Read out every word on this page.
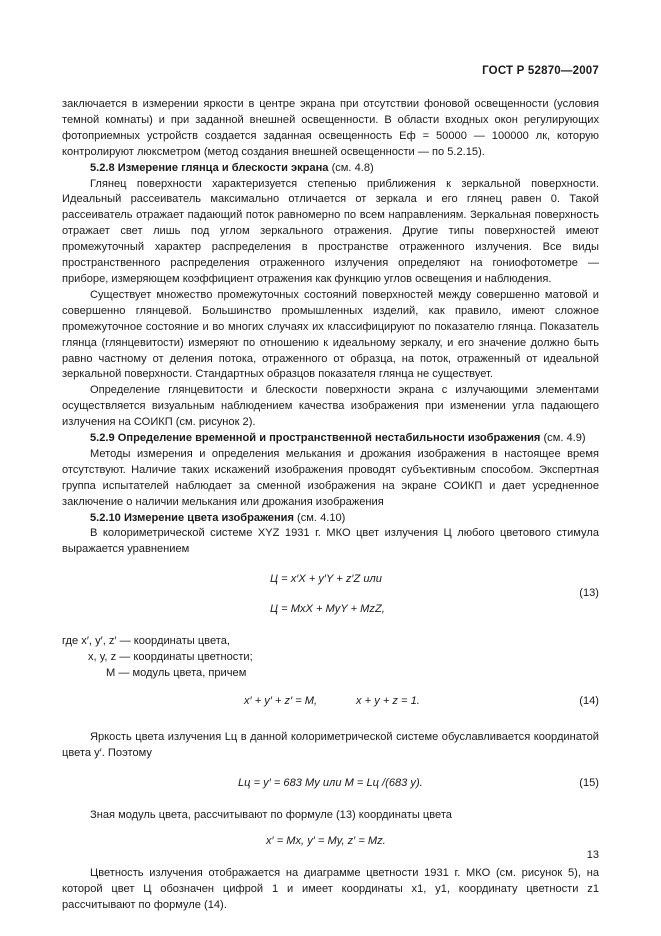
ГОСТ Р 52870—2007

заключается в измерении яркости в центре экрана при отсутствии фоновой освещенности (условия темной комнаты) и при заданной внешней освещенности. В области входных окон регулирующих фотоприемных устройств создается заданная освещенность Eф = 50000 — 100000 лк, которую контролируют люксметром (метод создания внешней освещенности — по 5.2.15).

5.2.8 Измерение глянца и блескости экрана (см. 4.8)

Глянец поверхности характеризуется степенью приближения к зеркальной поверхности. Идеальный рассеиватель максимально отличается от зеркала и его глянец равен 0. Такой рассеиватель отражает падающий поток равномерно по всем направлениям. Зеркальная поверхность отражает свет лишь под углом зеркального отражения. Другие типы поверхностей имеют промежуточный характер распределения в пространстве отраженного излучения. Все виды пространственного распределения отраженного излучения определяют на гониофотометре — приборе, измеряющем коэффициент отражения как функцию углов освещения и наблюдения.

Существует множество промежуточных состояний поверхностей между совершенно матовой и совершенно глянцевой. Большинство промышленных изделий, как правило, имеют сложное промежуточное состояние и во многих случаях их классифицируют по показателю глянца. Показатель глянца (глянцевитости) измеряют по отношению к идеальному зеркалу, и его значение должно быть равно частному от деления потока, отраженного от образца, на поток, отраженный от идеальной зеркальной поверхности. Стандартных образцов показателя глянца не существует.

Определение глянцевитости и блескости поверхности экрана с излучающими элементами осуществляется визуальным наблюдением качества изображения при изменении угла падающего излучения на СОИКП (см. рисунок 2).

5.2.9 Определение временной и пространственной нестабильности изображения (см. 4.9)

Методы измерения и определения мелькания и дрожания изображения в настоящее время отсутствуют. Наличие таких искажений изображения проводят субъективным способом. Экспертная группа испытателей наблюдает за сменной изображения на экране СОИКП и дает усредненное заключение о наличии мелькания или дрожания изображения

5.2.10 Измерение цвета изображения (см. 4.10)

В колориметрической системе XYZ 1931 г. МКО цвет излучения Ц любого цветового стимула выражается уравнением

Ц = x′X + y′Y + z′Z или
(13)
Ц = MxX + MyY + MzZ,
где x′, y′, z′ — координаты цвета,
x, y, z — координаты цветности;
M — модуль цвета, причем
x′ + y′ + z′ = M,	x + y + z = 1.	(14)

Яркость цвета излучения Lц в данной колориметрической системе обуславливается координатой цвета y′. Поэтому

Lц = y′ = 683 My или M = Lц /(683 y).	(15)

Зная модуль цвета, рассчитывают по формуле (13) координаты цвета

x′ = Mx, y′ = My, z′ = Mz.

Цветность излучения отображается на диаграмме цветности 1931 г. МКО (см. рисунок 5), на которой цвет Ц обозначен цифрой 1 и имеет координаты x1, y1, координату цветности z1 рассчитывают по формуле (14).

13
